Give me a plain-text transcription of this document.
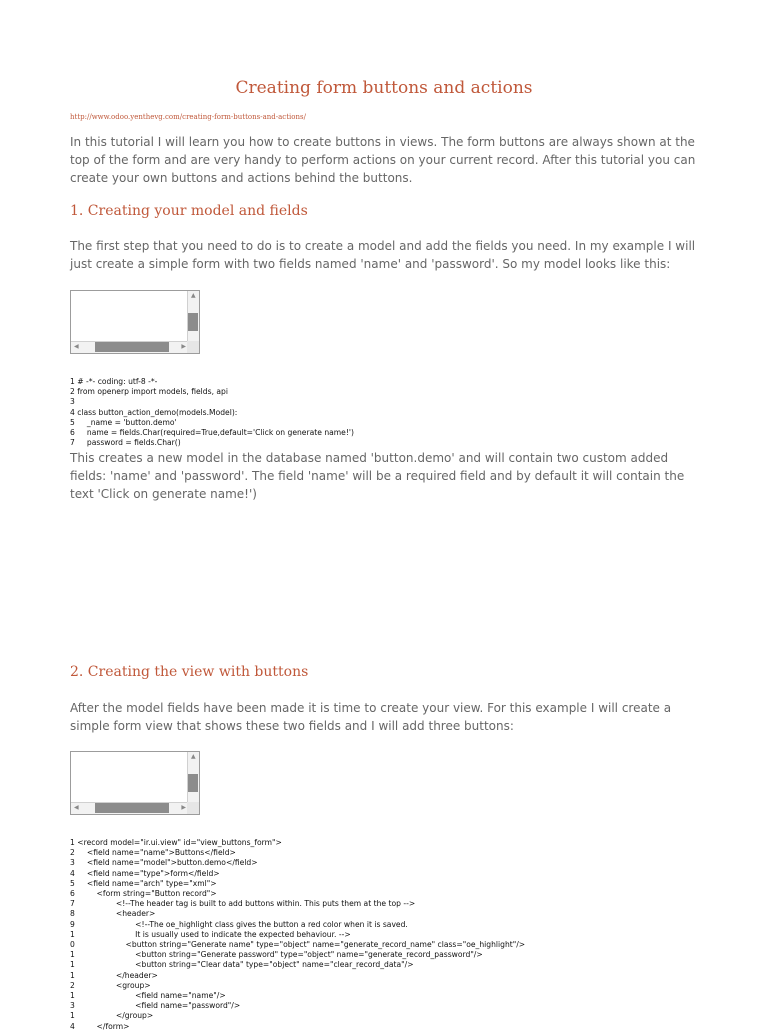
Creating form buttons and actions
http://www.odoo.yenthevg.com/creating-form-buttons-and-actions/

In this tutorial I will learn you how to create buttons in views. The form buttons are always shown at the top of the form and are very handy to perform actions on your current record. After this tutorial you can create your own buttons and actions behind the buttons.

1. Creating your model and fields

The first step that you need to do is to create a model and add the fields you need. In my example I will just create a simple form with two fields named 'name' and 'password'. So my model looks like this:

▲
◀	▶
1 # -*- coding: utf-8 -*-
2 from openerp import models, fields, api
3
4 class button_action_demo(models.Model):
5     _name = 'button.demo'
6     name = fields.Char(required=True,default='Click on generate name!')
7     password = fields.Char()

This creates a new model in the database named 'button.demo' and will contain two custom added fields: 'name' and 'password'. The field 'name' will be a required field and by default it will contain the text 'Click on generate name!')

2. Creating the view with buttons

After the model fields have been made it is time to create your view. For this example I will create a simple form view that shows these two fields and I will add three buttons:

▲
◀	▶
1 <record model="ir.ui.view" id="view_buttons_form">
2     <field name="name">Buttons</field>
3     <field name="model">button.demo</field>
4     <field name="type">form</field>
5     <field name="arch" type="xml">
6         <form string="Button record">
7                 <!--The header tag is built to add buttons within. This puts them at the top -->
8                 <header>
9                         <!--The oe_highlight class gives the button a red color when it is saved.
1                         It is usually used to indicate the expected behaviour. -->
0                     <button string="Generate name" type="object" name="generate_record_name" class="oe_highlight"/>
1                         <button string="Generate password" type="object" name="generate_record_password"/>
1                         <button string="Clear data" type="object" name="clear_record_data"/>
1                 </header>
2                 <group>
1                         <field name="name"/>
3                         <field name="password"/>
1                 </group>
4         </form>
